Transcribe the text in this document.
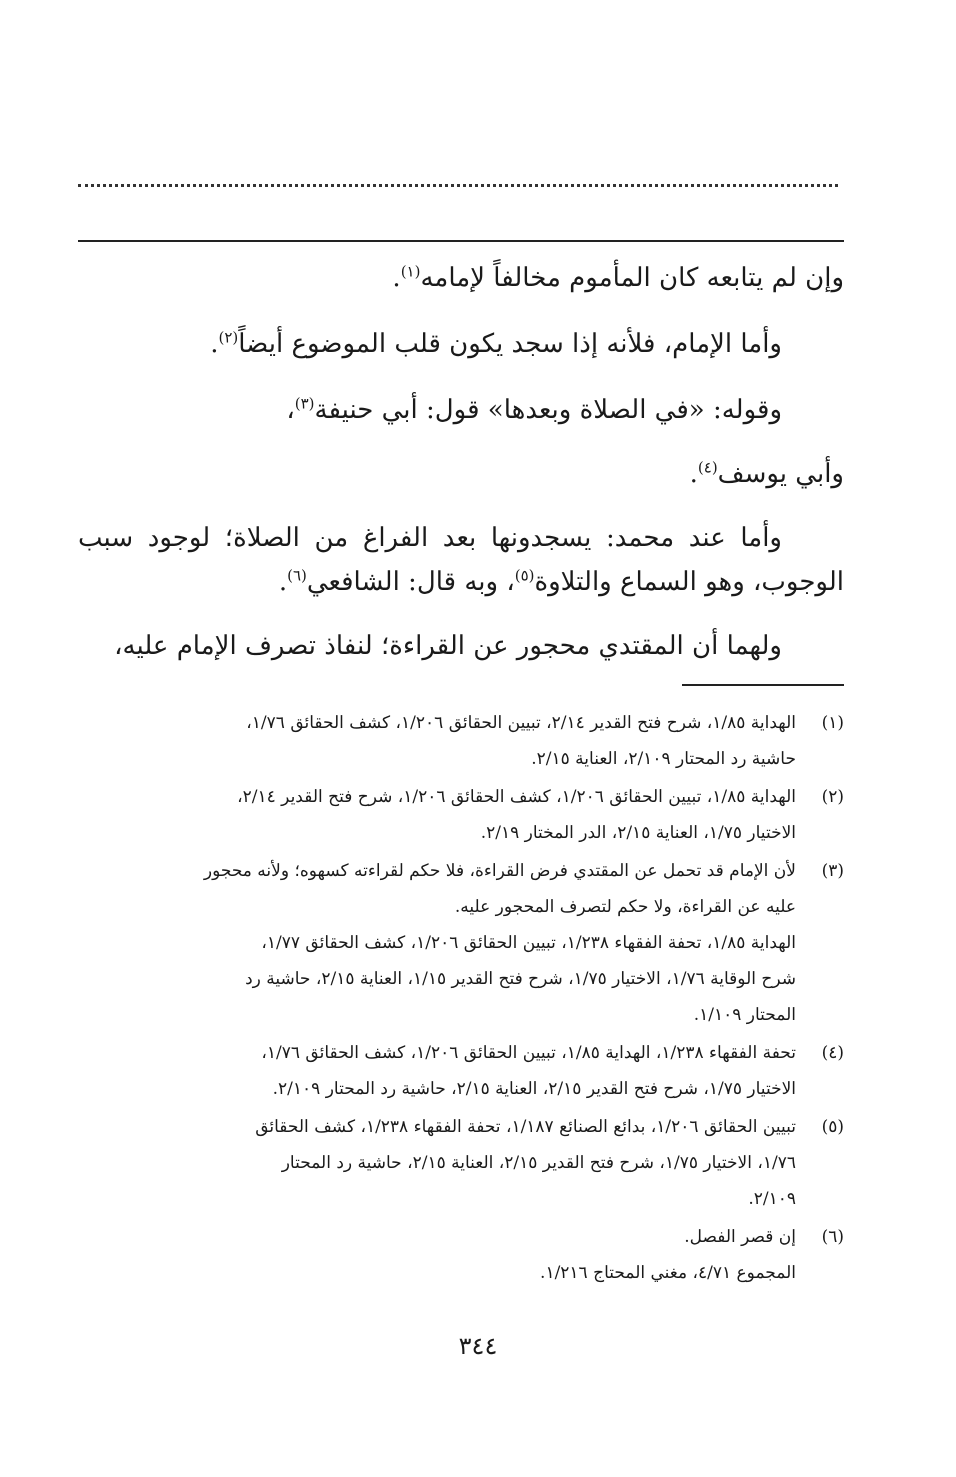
وإن لم يتابعه كان المأموم مخالفاً لإمامه$^{(١)}$.

وأما الإمام، فلأنه إذا سجد يكون قلب الموضوع أيضاً$^{(٢)}$.

وقوله: «في الصلاة وبعدها» قول: أبي حنيفة$^{(٣)}$،

وأبي يوسف$^{(٤)}$.

وأما عند محمد: يسجدونها بعد الفراغ من الصلاة؛ لوجود سبب

الوجوب، وهو السماع والتلاوة$^{(٥)}$، وبه قال: الشافعي$^{(٦)}$.

ولهما أن المقتدي محجور عن القراءة؛ لنفاذ تصرف الإمام عليه،

(١)

الهداية ١/٨٥، شرح فتح القدير ٢/١٤، تبيين الحقائق ١/٢٠٦، كشف الحقائق ١/٧٦،

حاشية رد المحتار ٢/١٠٩، العناية ٢/١٥.

(٢)

الهداية ١/٨٥، تبيين الحقائق ١/٢٠٦، كشف الحقائق ١/٢٠٦، شرح فتح القدير ٢/١٤،

الاختيار ١/٧٥، العناية ٢/١٥، الدر المختار ٢/١٩.

(٣)

لأن الإمام قد تحمل عن المقتدي فرض القراءة، فلا حكم لقراءته كسهوه؛ ولأنه محجور

عليه عن القراءة، ولا حكم لتصرف المحجور عليه.

الهداية ١/٨٥، تحفة الفقهاء ١/٢٣٨، تبيين الحقائق ١/٢٠٦، كشف الحقائق ١/٧٧،

شرح الوقاية ١/٧٦، الاختيار ١/٧٥، شرح فتح القدير ١/١٥، العناية ٢/١٥، حاشية رد

المحتار ١/١٠٩.

(٤)

تحفة الفقهاء ١/٢٣٨، الهداية ١/٨٥، تبيين الحقائق ١/٢٠٦، كشف الحقائق ١/٧٦،

الاختيار ١/٧٥، شرح فتح القدير ٢/١٥، العناية ٢/١٥، حاشية رد المحتار ٢/١٠٩.

(٥)

تبيين الحقائق ١/٢٠٦، بدائع الصنائع ١/١٨٧، تحفة الفقهاء ١/٢٣٨، كشف الحقائق

١/٧٦، الاختيار ١/٧٥، شرح فتح القدير ٢/١٥، العناية ٢/١٥، حاشية رد المحتار

٢/١٠٩.

(٦)

إن قصر الفصل.

المجموع ٤/٧١، مغني المحتاج ١/٢١٦.

٣٤٤
